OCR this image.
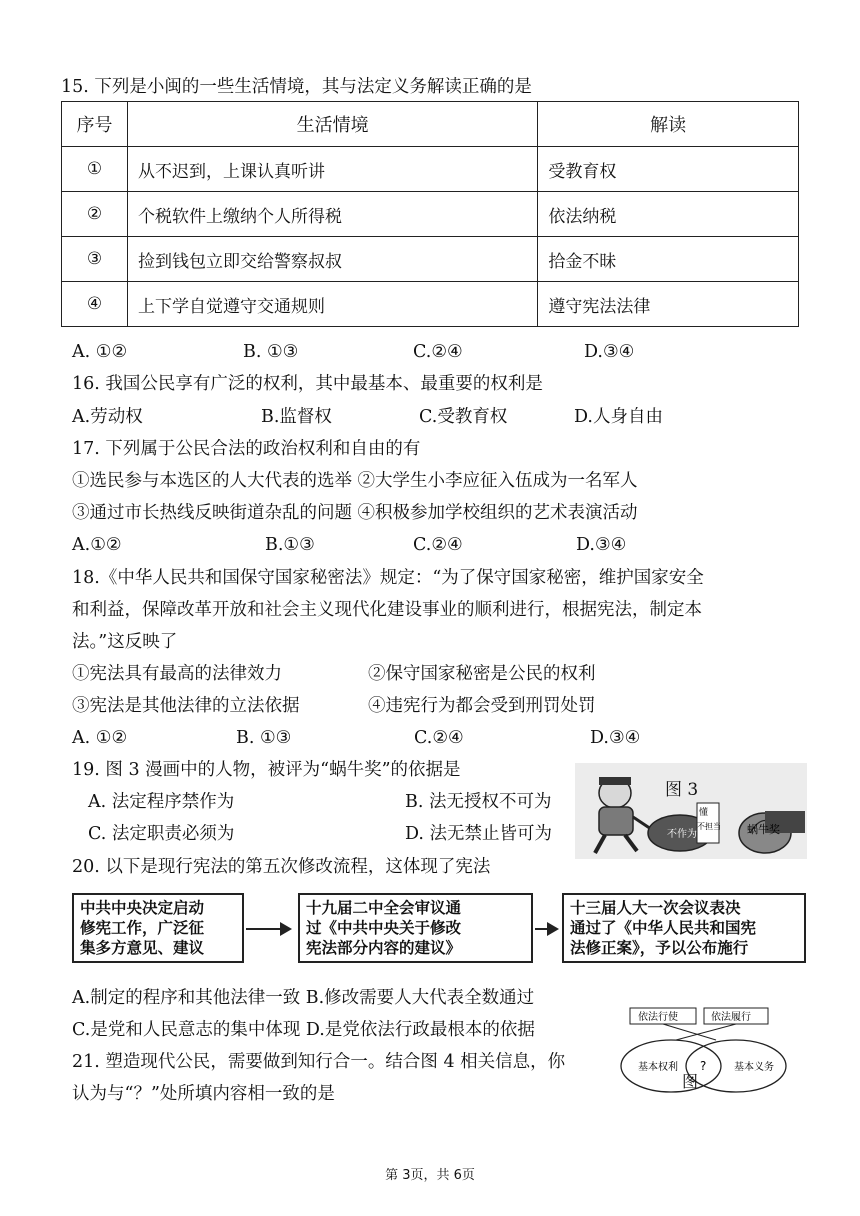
15. 下列是小闽的一些生活情境，其与法定义务解读正确的是
序号	生活情境	解读
①	从不迟到，上课认真听讲	受教育权
②	个税软件上缴纳个人所得税	依法纳税
③	捡到钱包立即交给警察叔叔	拾金不昧
④	上下学自觉遵守交通规则	遵守宪法法律
A. ①②	B. ①③	C.②④	D.③④
16. 我国公民享有广泛的权利，其中最基本、最重要的权利是
A.劳动权	B.监督权	C.受教育权	D.人身自由
17. 下列属于公民合法的政治权利和自由的有
①选民参与本选区的人大代表的选举 ②大学生小李应征入伍成为一名军人
③通过市长热线反映街道杂乱的问题 ④积极参加学校组织的艺术表演活动
A.①②	B.①③	C.②④	D.③④
18.《中华人民共和国保守国家秘密法》规定：“为了保守国家秘密，维护国家安全
和利益，保障改革开放和社会主义现代化建设事业的顺利进行，根据宪法，制定本
法。”这反映了
①宪法具有最高的法律效力	②保守国家秘密是公民的权利
③宪法是其他法律的立法依据	④违宪行为都会受到刑罚处罚
A. ①②	B. ①③	C.②④	D.③④
19. 图 3 漫画中的人物，被评为“蜗牛奖”的依据是
A. 法定程序禁作为	B. 法无授权不可为
C. 法定职责必须为	D. 法无禁止皆可为	不作为
懂
不担当 蜗牛奖
图 3
20. 以下是现行宪法的第五次修改流程，这体现了宪法
中共中央决定启动
修宪工作，广泛征
集多方意见、建议
十九届二中全会审议通
过《中共中央关于修改
宪法部分内容的建议》
十三届人大一次会议表决
通过了《中华人民共和国宪
法修正案》，予以公布施行
A.制定的程序和其他法律一致 B.修改需要人大代表全数通过
C.是党和人民意志的集中体现 D.是党依法行政最根本的依据
21. 塑造现代公民，需要做到知行合一。结合图 4 相关信息，你
认为与“？”处所填内容相一致的是
依法行使	依法履行
基本权利 ?	基本义务
图
第 3页，共 6页
